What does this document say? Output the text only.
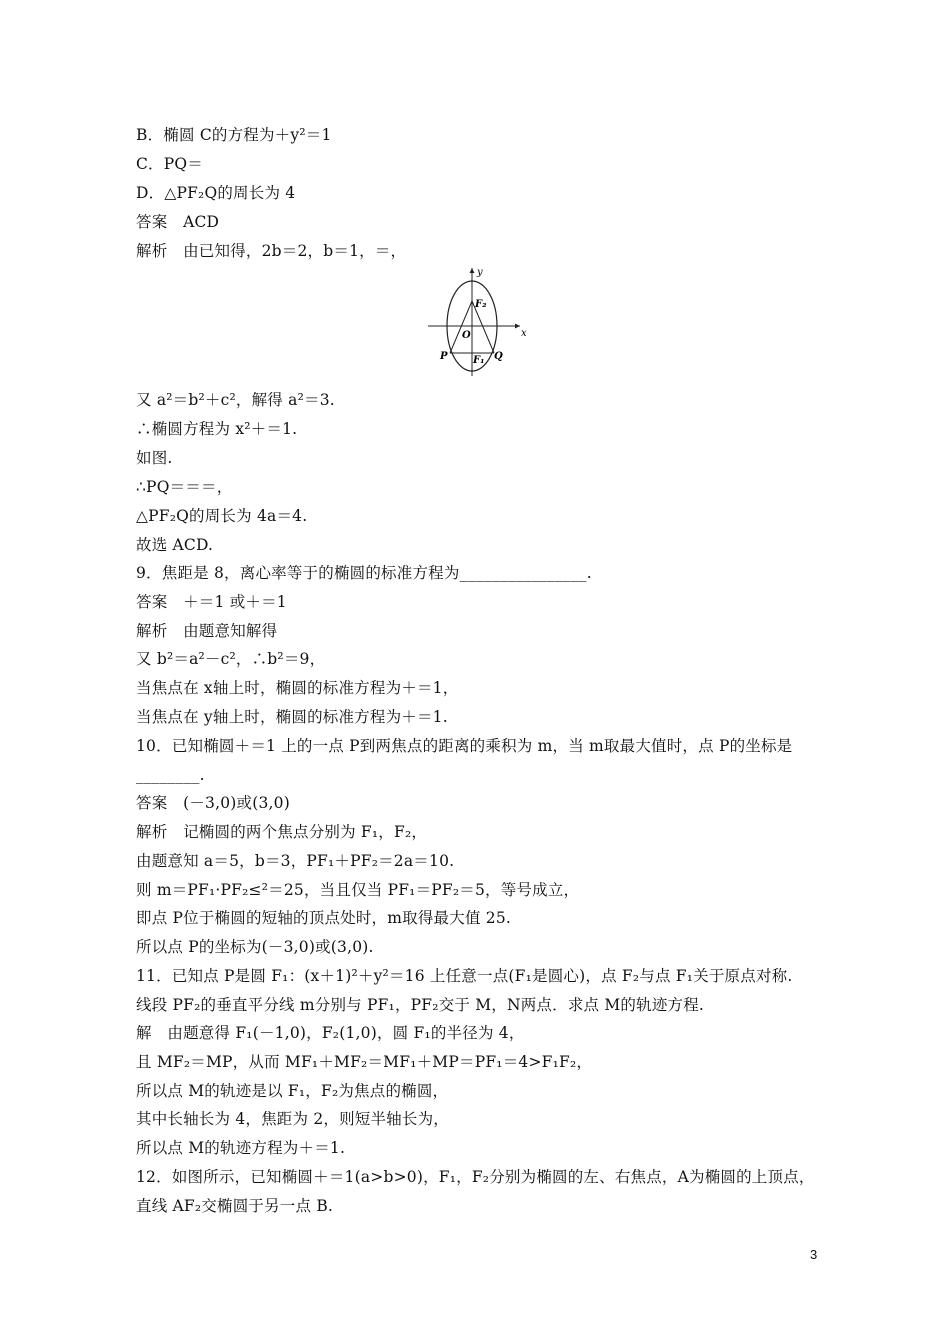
B．椭圆 C的方程为＋y²＝1
C．PQ＝
D．△PF₂Q的周长为 4
答案　ACD
解析　由已知得，2b＝2，b＝1，＝，
y
x
F₂
O
P	F₁ Q
又 a²＝b²＋c²，解得 a²＝3.
∴椭圆方程为 x²＋＝1.
如图.
∴PQ＝＝＝，
△PF₂Q的周长为 4a＝4.
故选 ACD.
9．焦距是 8，离心率等于的椭圆的标准方程为________________.
答案　＋＝1 或＋＝1
解析　由题意知解得
又 b²＝a²－c²，∴b²＝9，
当焦点在 x轴上时，椭圆的标准方程为＋＝1，
当焦点在 y轴上时，椭圆的标准方程为＋＝1.
10．已知椭圆＋＝1 上的一点 P到两焦点的距离的乘积为 m，当 m取最大值时，点 P的坐标是
________.
答案　(－3,0)或(3,0)
解析　记椭圆的两个焦点分别为 F₁，F₂，
由题意知 a＝5，b＝3，PF₁＋PF₂＝2a＝10.
则 m＝PF₁·PF₂≤²＝25，当且仅当 PF₁＝PF₂＝5，等号成立，
即点 P位于椭圆的短轴的顶点处时，m取得最大值 25.
所以点 P的坐标为(－3,0)或(3,0).
11．已知点 P是圆 F₁：(x＋1)²＋y²＝16 上任意一点(F₁是圆心)，点 F₂与点 F₁关于原点对称.
线段 PF₂的垂直平分线 m分别与 PF₁，PF₂交于 M，N两点．求点 M的轨迹方程.
解　由题意得 F₁(－1,0)，F₂(1,0)，圆 F₁的半径为 4，
且 MF₂＝MP，从而 MF₁＋MF₂＝MF₁＋MP＝PF₁＝4>F₁F₂，
所以点 M的轨迹是以 F₁，F₂为焦点的椭圆，
其中长轴长为 4，焦距为 2，则短半轴长为，
所以点 M的轨迹方程为＋＝1.
12．如图所示，已知椭圆＋＝1(a>b>0)，F₁，F₂分别为椭圆的左、右焦点，A为椭圆的上顶点，
直线 AF₂交椭圆于另一点 B.
3
